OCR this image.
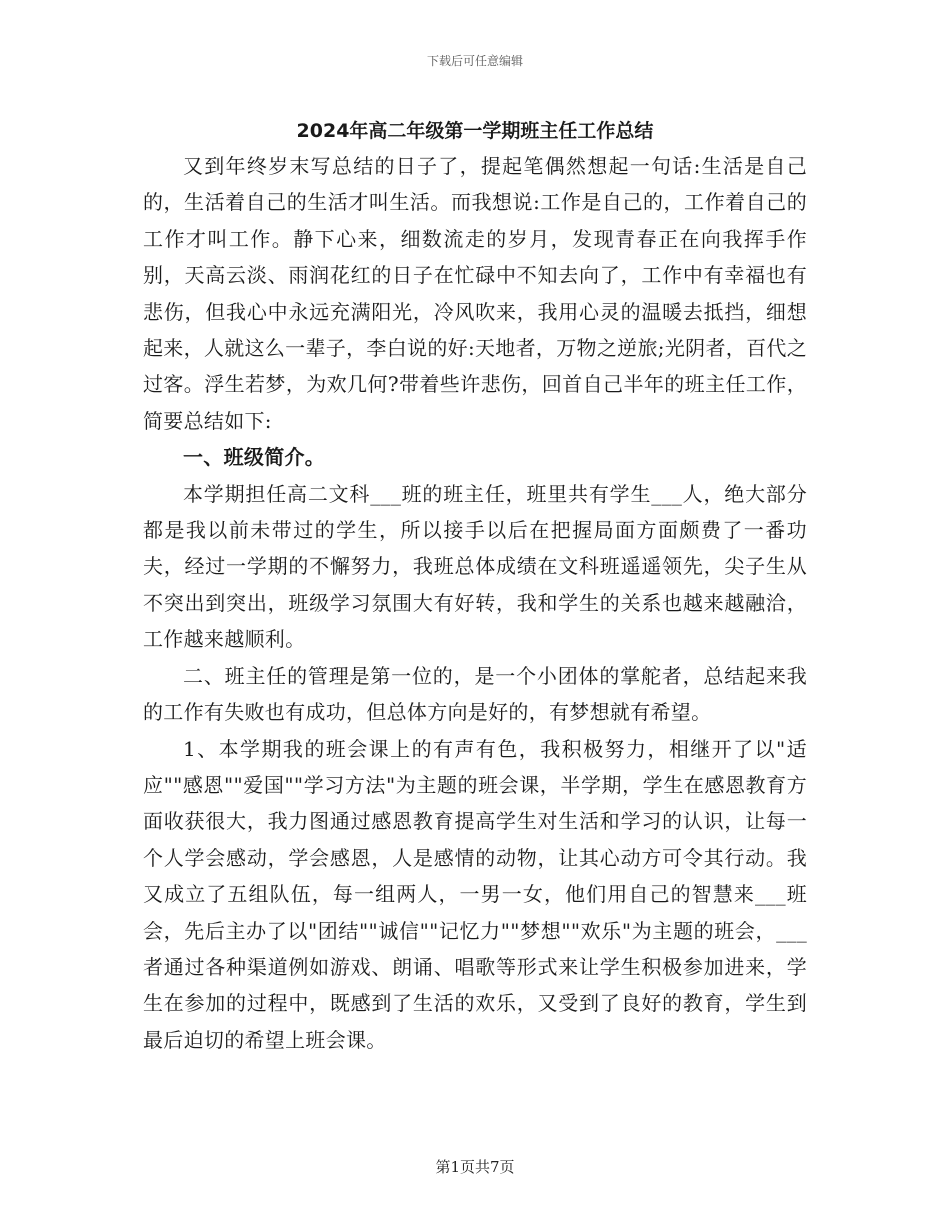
下载后可任意编辑
2024年高二年级第一学期班主任工作总结

又到年终岁末写总结的日子了，提起笔偶然想起一句话:生活是自己的，生活着自己的生活才叫生活。而我想说:工作是自己的，工作着自己的工作才叫工作。静下心来，细数流走的岁月，发现青春正在向我挥手作别，天高云淡、雨润花红的日子在忙碌中不知去向了，工作中有幸福也有悲伤，但我心中永远充满阳光，冷风吹来，我用心灵的温暖去抵挡，细想起来，人就这么一辈子，李白说的好:天地者，万物之逆旅;光阴者，百代之过客。浮生若梦，为欢几何?带着些许悲伤，回首自己半年的班主任工作，简要总结如下:

一、班级简介。

本学期担任高二文科___班的班主任，班里共有学生___人，绝大部分都是我以前未带过的学生，所以接手以后在把握局面方面颇费了一番功夫，经过一学期的不懈努力，我班总体成绩在文科班遥遥领先，尖子生从不突出到突出，班级学习氛围大有好转，我和学生的关系也越来越融洽，工作越来越顺利。

二、班主任的管理是第一位的，是一个小团体的掌舵者，总结起来我的工作有失败也有成功，但总体方向是好的，有梦想就有希望。

1、本学期我的班会课上的有声有色，我积极努力，相继开了以"适应""感恩""爱国""学习方法"为主题的班会课，半学期，学生在感恩教育方面收获很大，我力图通过感恩教育提高学生对生活和学习的认识，让每一个人学会感动，学会感恩，人是感情的动物，让其心动方可令其行动。我又成立了五组队伍，每一组两人，一男一女，他们用自己的智慧来___班会，先后主办了以"团结""诚信""记忆力""梦想""欢乐"为主题的班会，___者通过各种渠道例如游戏、朗诵、唱歌等形式来让学生积极参加进来，学生在参加的过程中，既感到了生活的欢乐，又受到了良好的教育，学生到最后迫切的希望上班会课。

第1页共7页
